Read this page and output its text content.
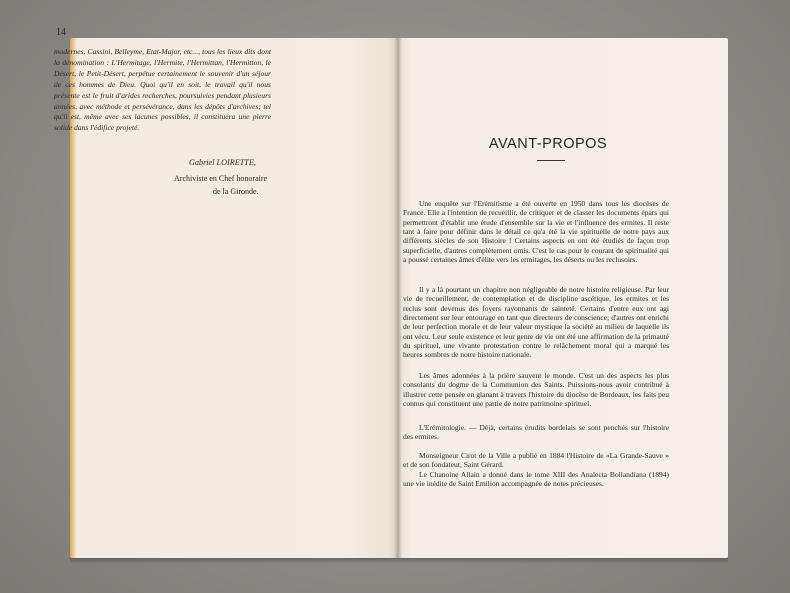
14
modernes, Cassini, Belleyme, Etat-Major, etc..., tous les lieux dits dont la dénomination : L'Hermitage, l'Hermite, l'Hermittan, l'Hermitton, le Désert, le Petit-Désert, perpétue certainement le souvenir d'un séjour de ces hommes de Dieu. Quoi qu'il en soit, le travail qu'il nous présente est le fruit d'arides recherches, poursuivies pendant plusieurs années, avec méthode et persévérance, dans les dépôts d'archives; tel qu'il est, même avec ses lacunes possibles, il constituera une pierre solide dans l'édifice projeté.
Gabriel LOIRETTE,
Archiviste en Chef honoraire
de la Gironde.
AVANT-PROPOS
Une enquête sur l'Erémitisme a été ouverte en 1950 dans tous les diocèses de France. Elle a l'intention de recueillir, de critiquer et de classer les documents épars qui permettront d'établir une étude d'ensemble sur la vie et l'influence des ermites. Il reste tant à faire pour définir dans le détail ce qu'a été la vie spirituelle de notre pays aux différents siècles de son Histoire ! Certains aspects en ont été étudiés de façon trop superficielle, d'autres complètement omis. C'est le cas pour le courant de spiritualité qui a poussé certaines âmes d'élite vers les ermitages, les déserts ou les reclusoirs.
Il y a là pourtant un chapitre non négligeable de notre histoire religieuse. Par leur vie de recueillement, de contemplation et de discipline ascétique, les ermites et les reclus sont devenus des foyers rayonnants de sainteté. Certains d'entre eux ont agi directement sur leur entourage en tant que directeurs de conscience; d'autres ont enrichi de leur perfection morale et de leur valeur mystique la société au milieu de laquelle ils ont vécu. Leur seule existence et leur genre de vie ont été une affirmation de la primauté du spirituel, une vivante protestation contre le relâchement moral qui a marqué les heures sombres de notre histoire nationale.
Les âmes adonnées à la prière sauvent le monde. C'est un des aspects les plus consolants du dogme de la Communion des Saints. Puissions-nous avoir contribué à illustrer cette pensée en glanant à travers l'histoire du diocèse de Bordeaux, les faits peu connus qui constituent une partie de notre patrimoine spirituel.
L'Erémitologie. — Déjà, certains érudits bordelais se sont penchés sur l'histoire des ermites.
Monseigneur Cirot de la Ville a publié en 1884 l'Histoire de «La Grande-Sauve » et de son fondateur, Saint Gérard.
Le Chanoine Allain a donné dans le tome XIII des Analecta Bollandiana (1894) une vie inédite de Saint Emilion accompagnée de notes précieuses.
